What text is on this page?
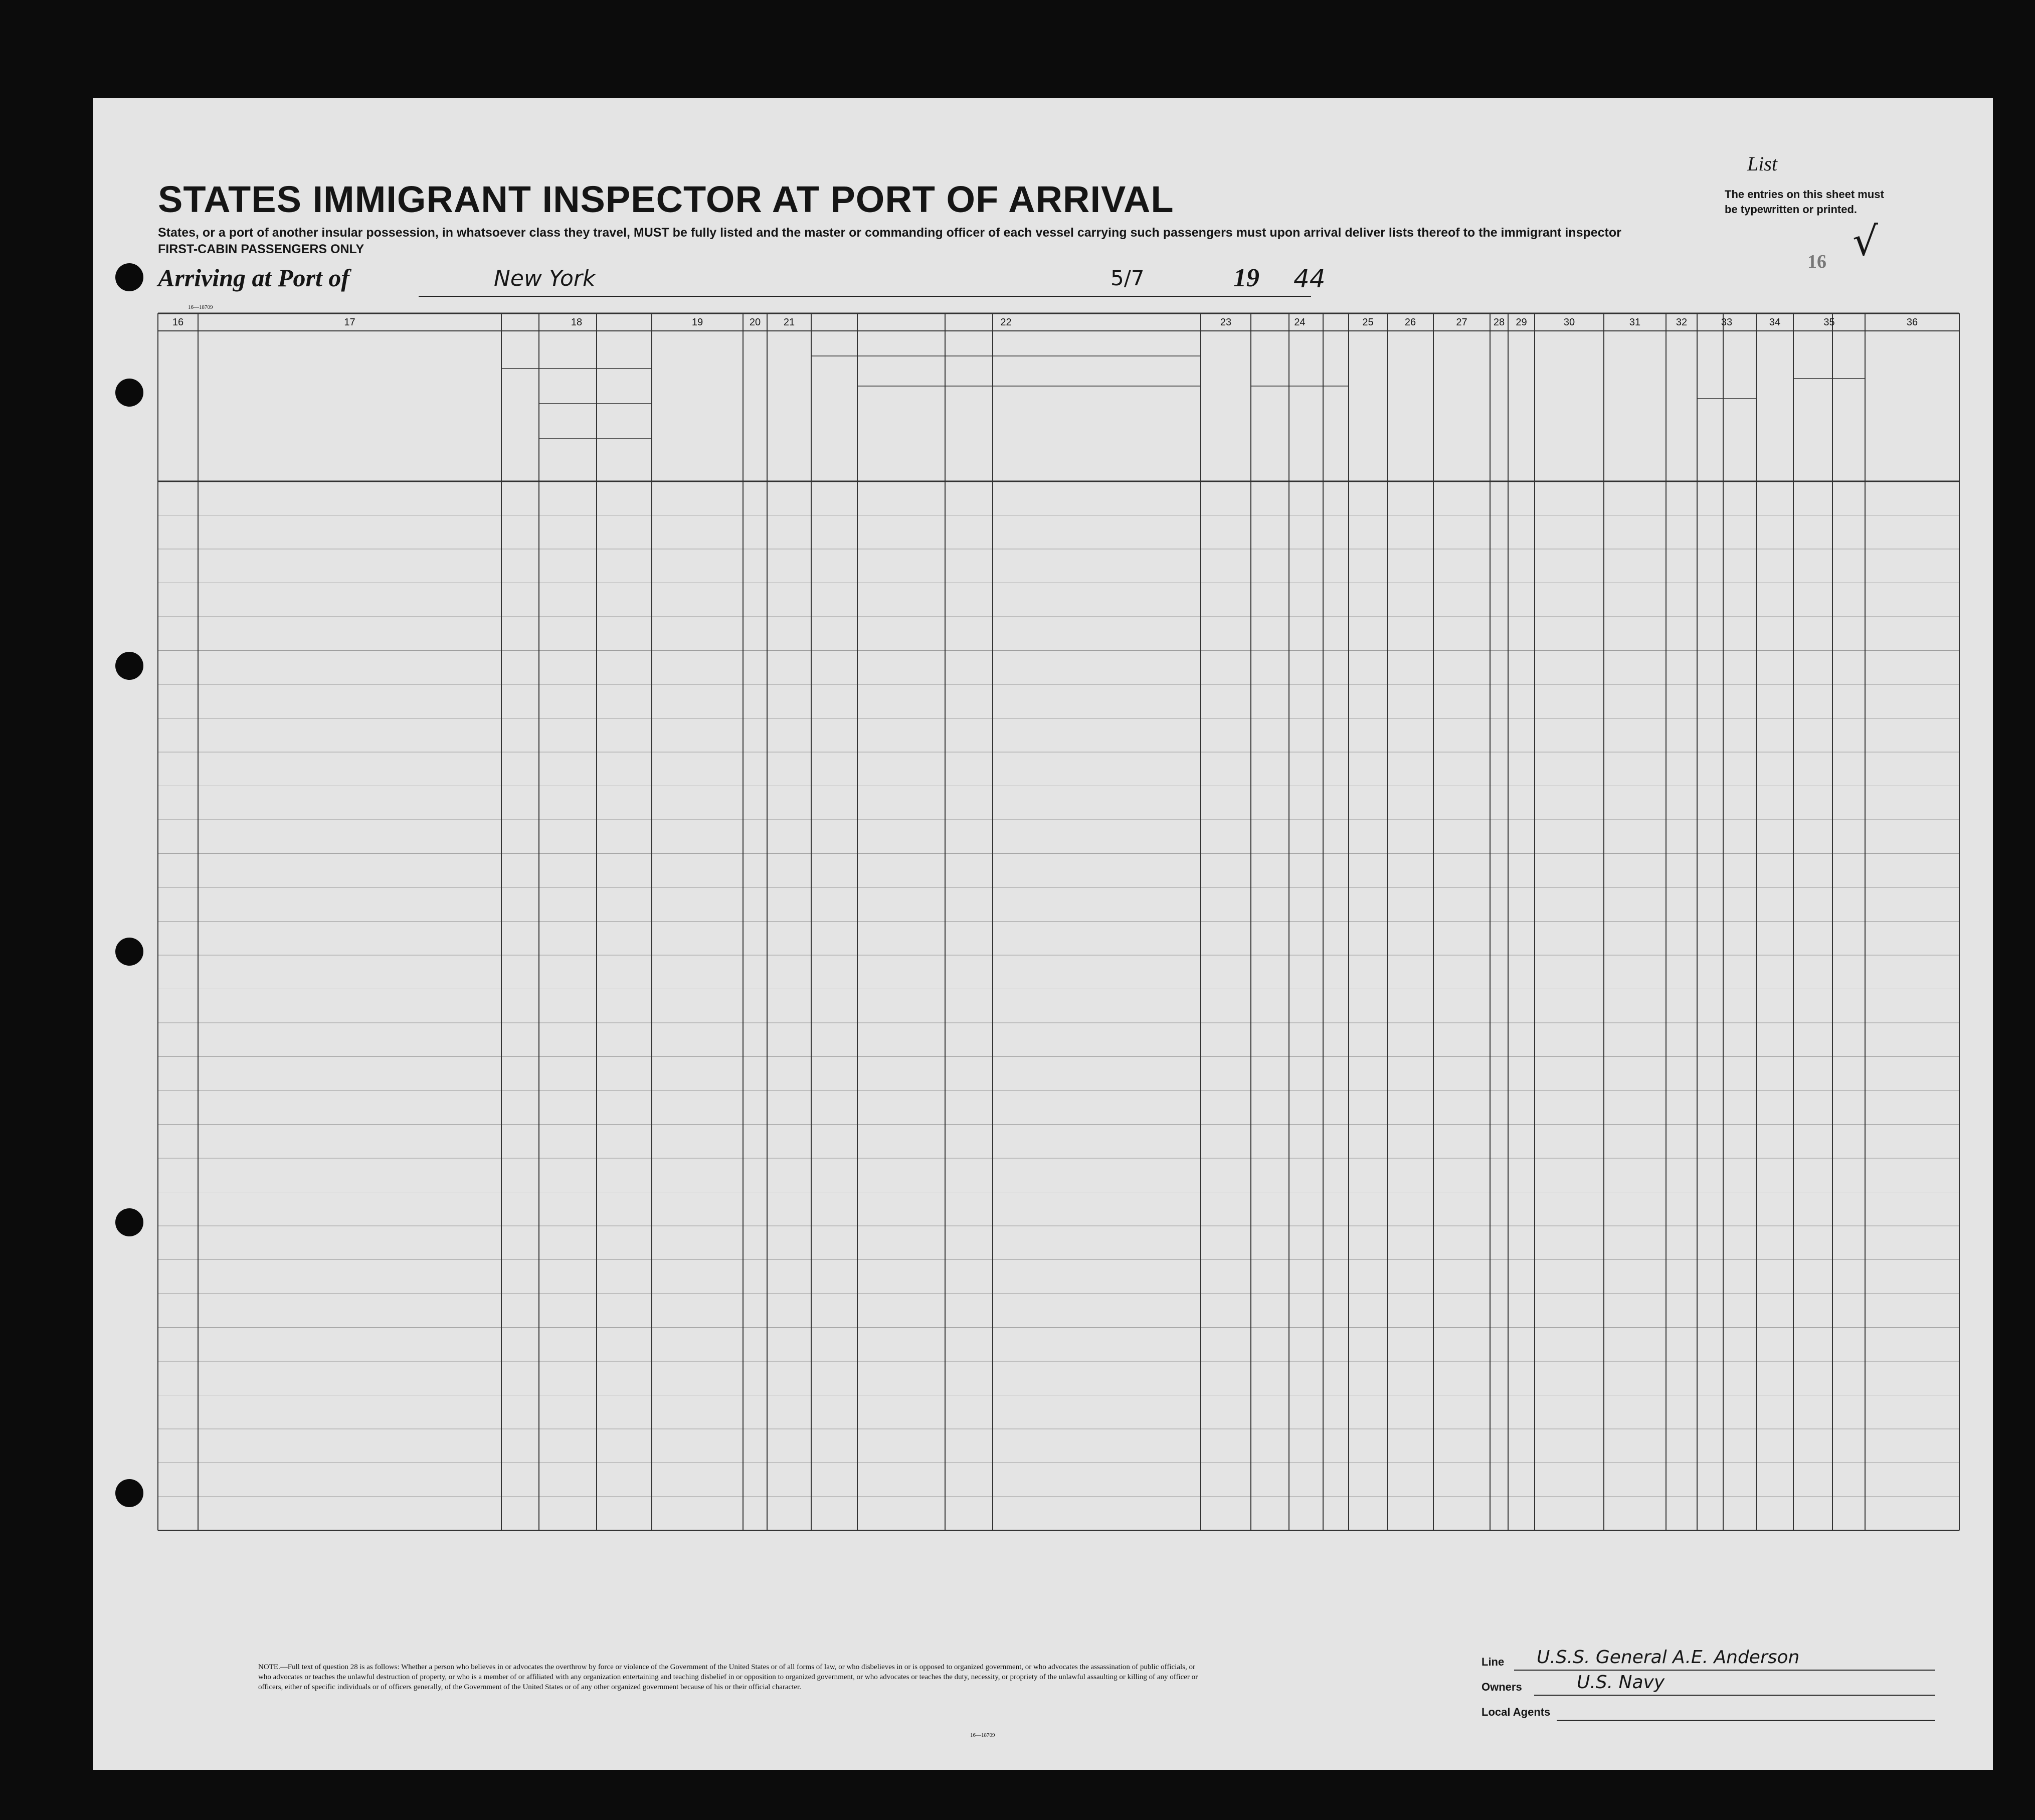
STATES IMMIGRANT INSPECTOR AT PORT OF ARRIVAL
States, or a port of another insular possession, in whatsoever class they travel, MUST be fully listed and the master or commanding officer of each vessel carrying such passengers must upon arrival deliver lists thereof to the immigrant inspector
FIRST-CABIN PASSENGERS ONLY
Arriving at Port of	New York	5/7	19 44
List
The entries on this sheet must
be typewritten or printed.
√
16
16—18709
16	17	18	19	20	21	22	23	24	25	26	27	28	29	30	31	32	33	34	35	36
NOTE.—Full text of question 28 is as follows: Whether a person who believes in or advocates the overthrow by force or violence of the Government of the United States or of all forms of law, or who disbelieves in or is opposed to organized government, or who advocates the assassination of public officials, or who advocates or teaches the unlawful destruction of property, or who is a member of or affiliated with any organization entertaining and teaching disbelief in or opposition to organized government, or who advocates or teaches the duty, necessity, or propriety of the unlawful assaulting or killing of any officer or officers, either of specific individuals or of officers generally, of the Government of the United States or of any other organized government because of his or their official character.
16—18709
Line U.S.S. General A.E. Anderson
Owners	U.S. Navy
Local Agents
